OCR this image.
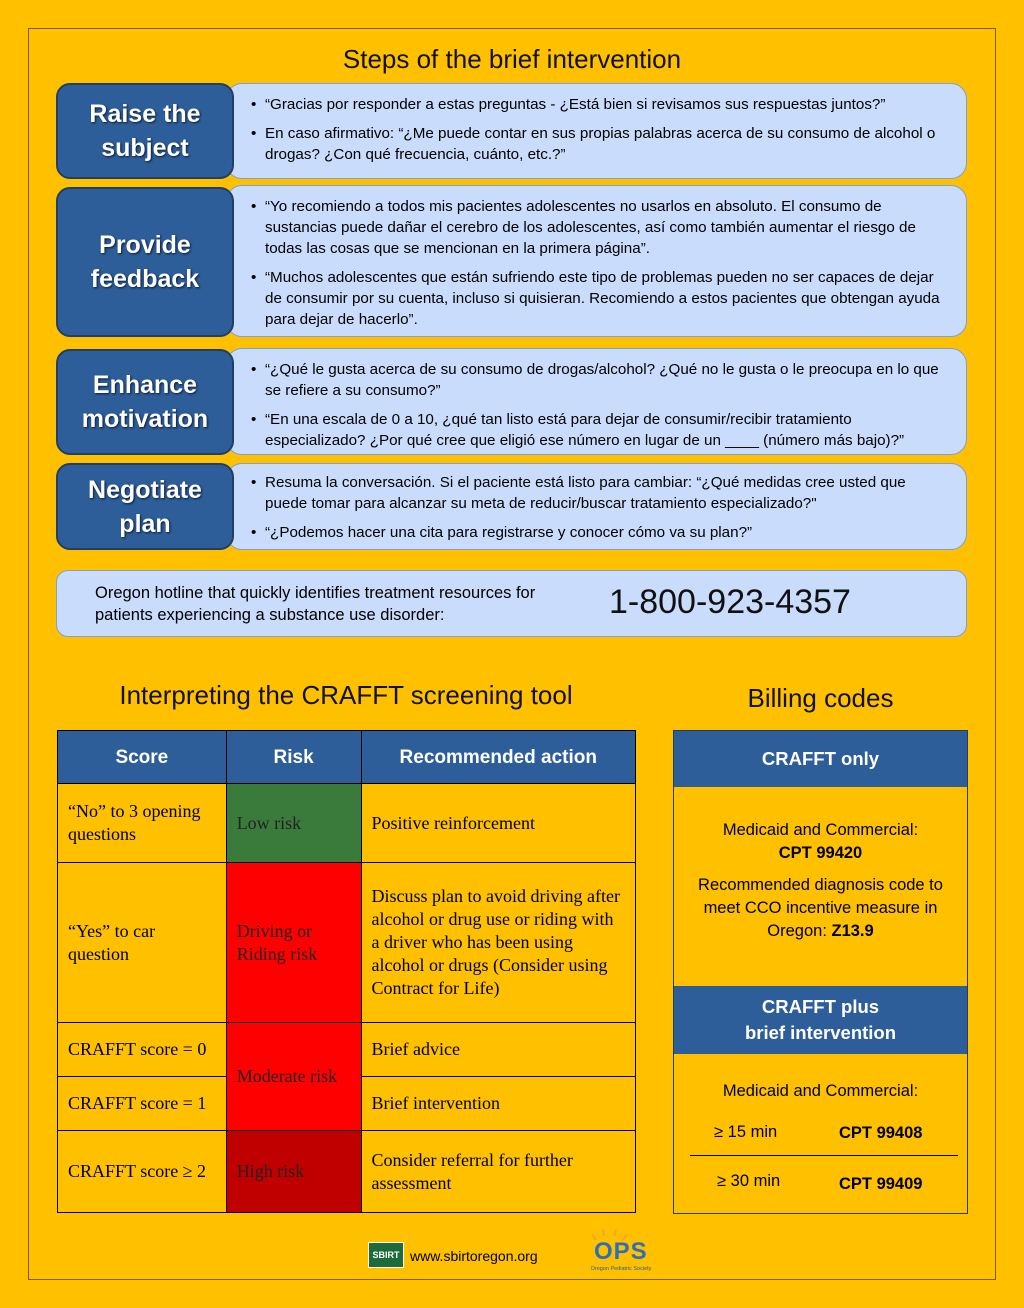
Steps of the brief intervention
Raise the subject
• “Gracias por responder a estas preguntas - ¿Está bien si revisamos sus respuestas juntos?”
• En caso afirmativo: “¿Me puede contar en sus propias palabras acerca de su consumo de alcohol o drogas? ¿Con qué frecuencia, cuánto, etc.?”
Provide feedback
• “Yo recomiendo a todos mis pacientes adolescentes no usarlos en absoluto. El consumo de sustancias puede dañar el cerebro de los adolescentes, así como también aumentar el riesgo de todas las cosas que se mencionan en la primera página”.
• “Muchos adolescentes que están sufriendo este tipo de problemas pueden no ser capaces de dejar de consumir por su cuenta, incluso si quisieran. Recomiendo a estos pacientes que obtengan ayuda para dejar de hacerlo”.
Enhance motivation
• “¿Qué le gusta acerca de su consumo de drogas/alcohol? ¿Qué no le gusta o le preocupa en lo que se refiere a su consumo?”
• “En una escala de 0 a 10, ¿qué tan listo está para dejar de consumir/recibir tratamiento especializado? ¿Por qué cree que eligió ese número en lugar de un ____ (número más bajo)?”
Negotiate plan
• Resuma la conversación. Si el paciente está listo para cambiar: “¿Qué medidas cree usted que puede tomar para alcanzar su meta de reducir/buscar tratamiento especializado?"
• “¿Podemos hacer una cita para registrarse y conocer cómo va su plan?”
Oregon hotline that quickly identifies treatment resources for patients experiencing a substance use disorder:	1-800-923-4357
Interpreting the CRAFFT screening tool
Score	Risk	Recommended action
“No” to 3 opening questions	Low risk	Positive reinforcement
“Yes” to car question	Driving or Riding risk	Discuss plan to avoid driving after alcohol or drug use or riding with a driver who has been using alcohol or drugs (Consider using Contract for Life)
CRAFFT score = 0	Moderate risk	Brief advice
CRAFFT score = 1		Brief intervention
CRAFFT score ≥ 2	High risk	Consider referral for further assessment
Billing codes
CRAFFT only
Medicaid and Commercial:
CPT 99420
Recommended diagnosis code to meet CCO incentive measure in Oregon: Z13.9
CRAFFT plus
brief intervention
Medicaid and Commercial:
≥ 15 min	CPT 99408
≥ 30 min	CPT 99409
SBIRT www.sbirtoregon.org OPS
Oregon Pediatric Society
